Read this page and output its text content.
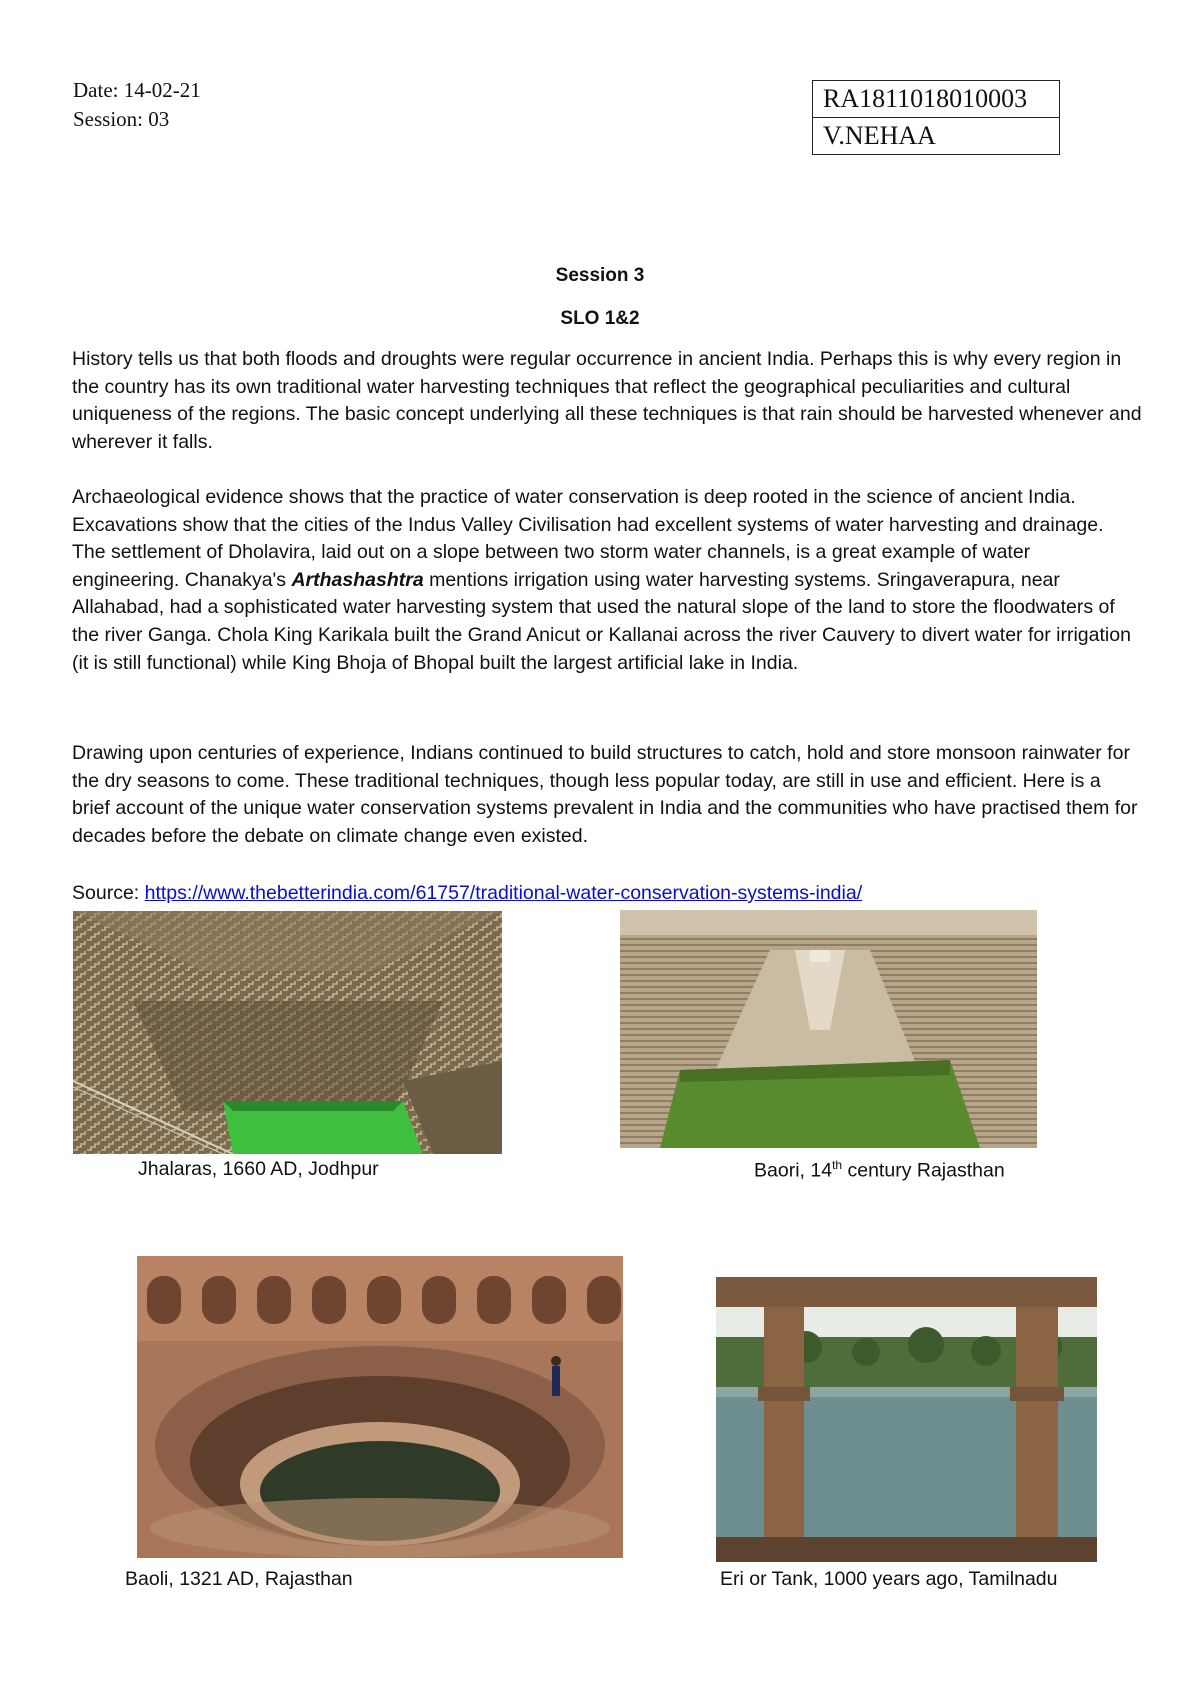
Date: 14-02-21
Session: 03
RA1811018010003
V.NEHAA
Session 3
SLO 1&2

History tells us that both floods and droughts were regular occurrence in ancient India. Perhaps this is why every region in the country has its own traditional water harvesting techniques that reflect the geographical peculiarities and cultural uniqueness of the regions. The basic concept underlying all these techniques is that rain should be harvested whenever and wherever it falls.

Archaeological evidence shows that the practice of water conservation is deep rooted in the science of ancient India. Excavations show that the cities of the Indus Valley Civilisation had excellent systems of water harvesting and drainage. The settlement of Dholavira, laid out on a slope between two storm water channels, is a great example of water engineering. Chanakya's Arthashashtra mentions irrigation using water harvesting systems. Sringaverapura, near Allahabad, had a sophisticated water harvesting system that used the natural slope of the land to store the floodwaters of the river Ganga. Chola King Karikala built the Grand Anicut or Kallanai across the river Cauvery to divert water for irrigation (it is still functional) while King Bhoja of Bhopal built the largest artificial lake in India.

Drawing upon centuries of experience, Indians continued to build structures to catch, hold and store monsoon rainwater for the dry seasons to come. These traditional techniques, though less popular today, are still in use and efficient. Here is a brief account of the unique water conservation systems prevalent in India and the communities who have practised them for decades before the debate on climate change even existed.

Source: https://www.thebetterindia.com/61757/traditional-water-conservation-systems-india/
Jhalaras, 1660 AD, Jodhpur	Baori, 14th century Rajasthan
Baoli, 1321 AD, Rajasthan	Eri or Tank, 1000 years ago, Tamilnadu
